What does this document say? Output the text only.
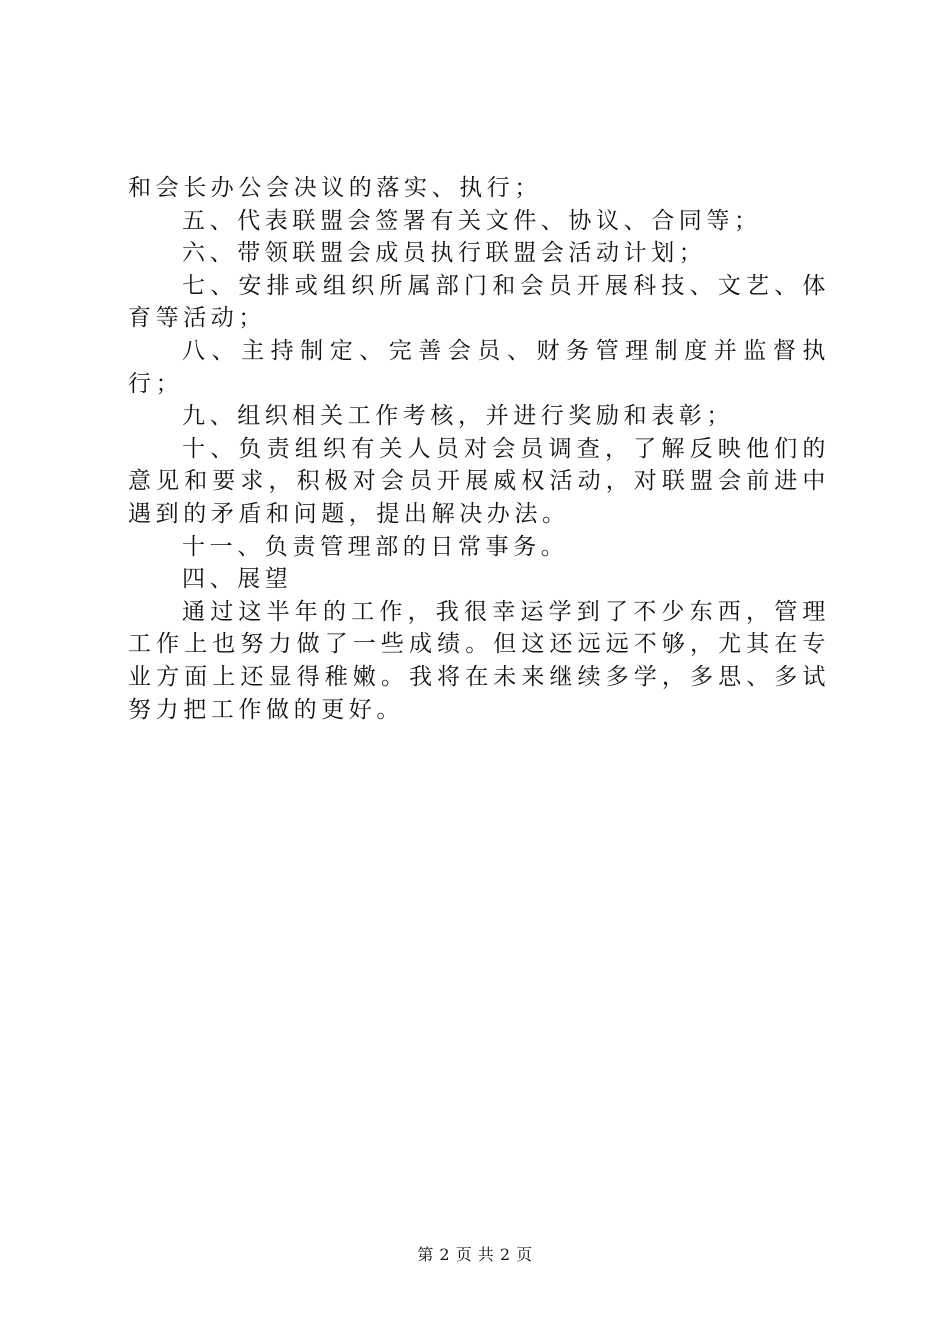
和会长办公会决议的落实、执行；

五、代表联盟会签署有关文件、协议、合同等；

六、带领联盟会成员执行联盟会活动计划；

七、安排或组织所属部门和会员开展科技、文艺、体育等活动；

八、主持制定、完善会员、财务管理制度并监督执行；

九、组织相关工作考核，并进行奖励和表彰；

十、负责组织有关人员对会员调查，了解反映他们的意见和要求，积极对会员开展威权活动，对联盟会前进中遇到的矛盾和问题，提出解决办法。

十一、负责管理部的日常事务。

四、展望

通过这半年的工作，我很幸运学到了不少东西，管理工作上也努力做了一些成绩。但这还远远不够，尤其在专业方面上还显得稚嫩。我将在未来继续多学，多思、多试努力把工作做的更好。

第 2 页 共 2 页
